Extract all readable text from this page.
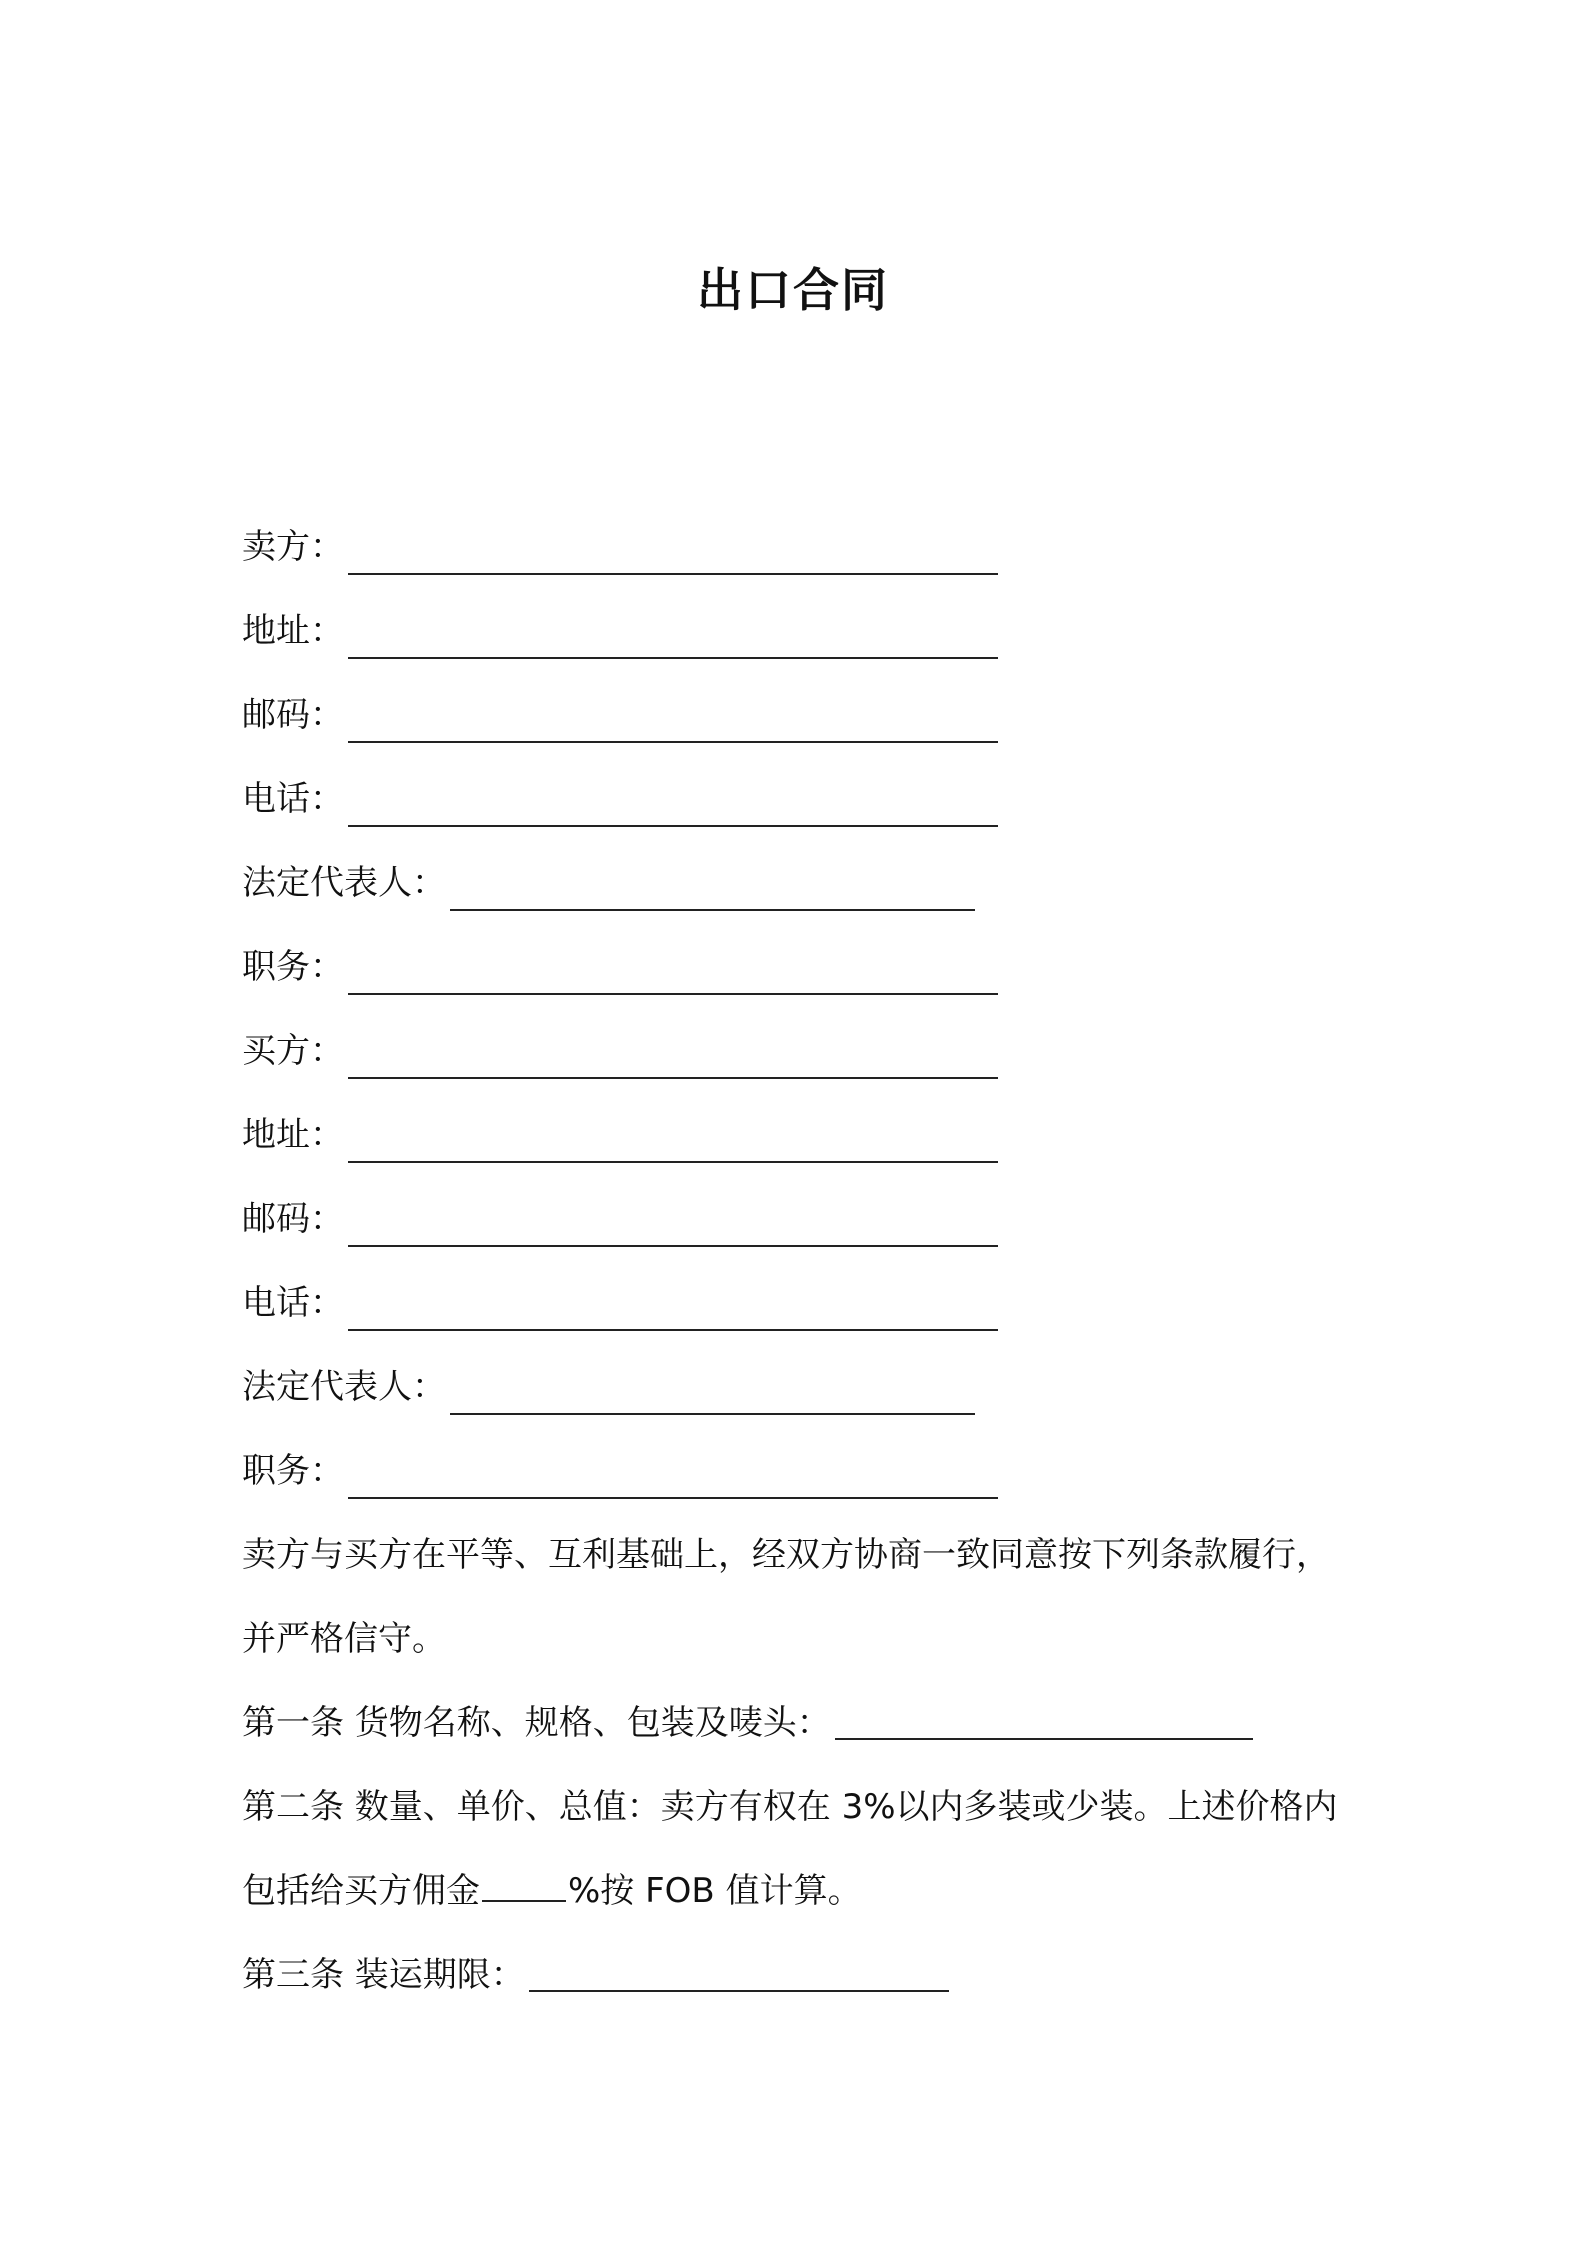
出口合同
卖方：
地址：
邮码：
电话：
法定代表人：
职务：
买方：
地址：
邮码：
电话：
法定代表人：
职务：

卖方与买方在平等、互利基础上，经双方协商一致同意按下列条款履行，并严格信守。

第一条 货物名称、规格、包装及唛头：
第二条 数量、单价、总值：卖方有权在 3%以内多装或少装。上述价格内包括给买方佣金	%按 FOB 值计算。
第三条 装运期限：
